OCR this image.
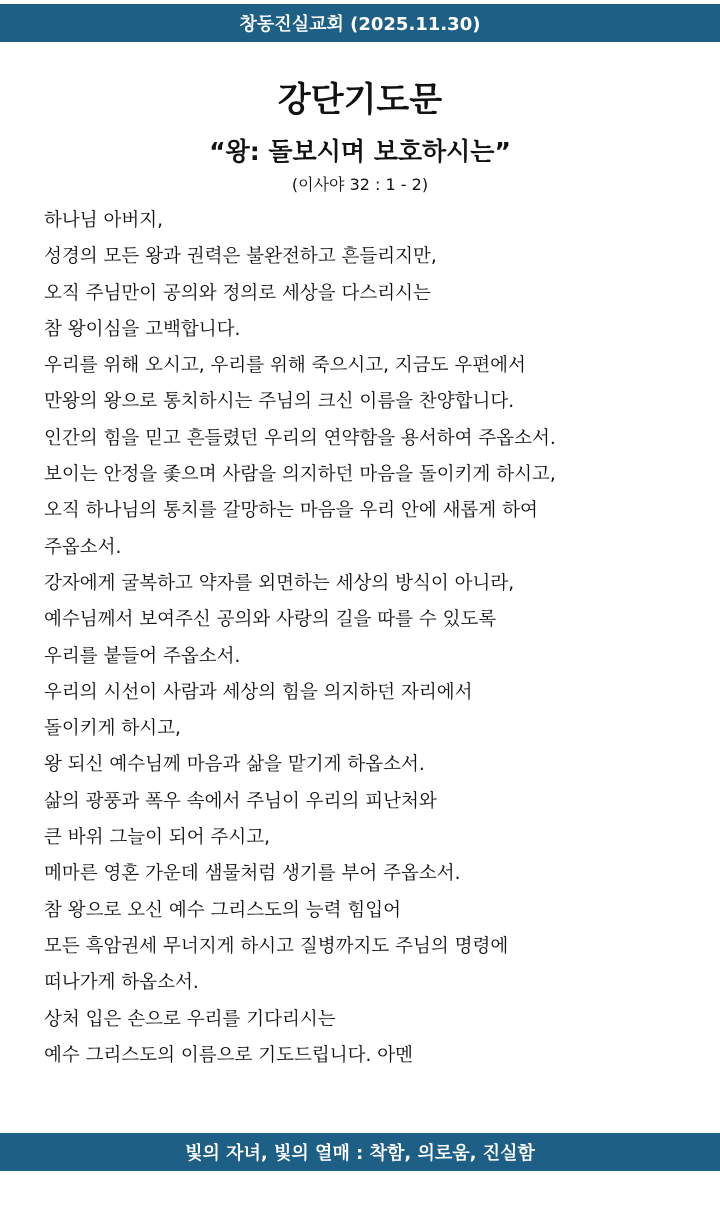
창동진실교회 (2025.11.30)
강단기도문
“왕: 돌보시며 보호하시는”
(이사야 32 : 1 - 2)
하나님 아버지,
성경의 모든 왕과 권력은 불완전하고 흔들리지만,
오직 주님만이 공의와 정의로 세상을 다스리시는
참 왕이심을 고백합니다.
우리를 위해 오시고, 우리를 위해 죽으시고, 지금도 우편에서
만왕의 왕으로 통치하시는 주님의 크신 이름을 찬양합니다.
인간의 힘을 믿고 흔들렸던 우리의 연약함을 용서하여 주옵소서.
보이는 안정을 좇으며 사람을 의지하던 마음을 돌이키게 하시고,
오직 하나님의 통치를 갈망하는 마음을 우리 안에 새롭게 하여
주옵소서.
강자에게 굴복하고 약자를 외면하는 세상의 방식이 아니라,
예수님께서 보여주신 공의와 사랑의 길을 따를 수 있도록
우리를 붙들어 주옵소서.
우리의 시선이 사람과 세상의 힘을 의지하던 자리에서
돌이키게 하시고,
왕 되신 예수님께 마음과 삶을 맡기게 하옵소서.
삶의 광풍과 폭우 속에서 주님이 우리의 피난처와
큰 바위 그늘이 되어 주시고,
메마른 영혼 가운데 샘물처럼 생기를 부어 주옵소서.
참 왕으로 오신 예수 그리스도의 능력 힘입어
모든 흑암권세 무너지게 하시고 질병까지도 주님의 명령에
떠나가게 하옵소서.
상처 입은 손으로 우리를 기다리시는
예수 그리스도의 이름으로 기도드립니다. 아멘
빛의 자녀, 빛의 열매 : 착함, 의로움, 진실함
